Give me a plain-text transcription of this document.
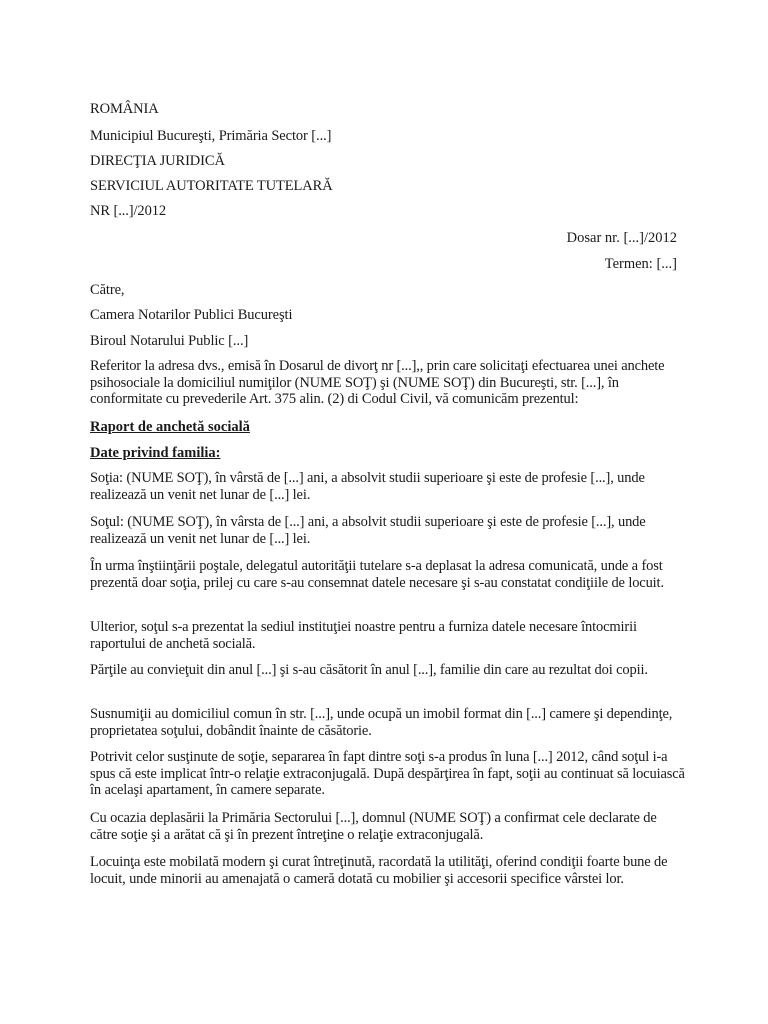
ROMÂNIA
Municipiul Bucureşti, Primăria Sector [...]
DIRECŢIA JURIDICĂ
SERVICIUL AUTORITATE TUTELARĂ
NR [...]/2012
Dosar nr. [...]/2012
Termen: [...]
Către,
Camera Notarilor Publici Bucureşti
Biroul Notarului Public [...]
Referitor la adresa dvs., emisă în Dosarul de divorţ nr [...],, prin care solicitaţi efectuarea unei anchete psihosociale la domiciliul numiţilor (NUME SOŢ) şi (NUME SOŢ) din Bucureşti, str. [...], în conformitate cu prevederile Art. 375 alin. (2) di Codul Civil, vă comunicăm prezentul:
Raport de anchetă socială
Date privind familia:
Soţia: (NUME SOŢ), în vârstă de [...] ani, a absolvit studii superioare şi este de profesie [...], unde realizează un venit net lunar de [...] lei.
Soţul: (NUME SOŢ), în vârsta de [...] ani, a absolvit studii superioare şi este de profesie [...], unde realizează un venit net lunar de [...] lei.
În urma înştiinţării poştale, delegatul autorităţii tutelare s-a deplasat la adresa comunicată, unde a fost prezentă doar soţia, prilej cu care s-au consemnat datele necesare şi s-au constatat condiţiile de locuit.
Ulterior, soţul s-a prezentat la sediul instituţiei noastre pentru a furniza datele necesare întocmirii raportului de anchetă socială.
Părţile au convieţuit din anul [...] şi s-au căsătorit în anul [...], familie din care au rezultat doi copii.
Susnumiţii au domiciliul comun în str. [...], unde ocupă un imobil format din [...] camere şi dependinţe, proprietatea soţului, dobândit înainte de căsătorie.
Potrivit celor susţinute de soţie, separarea în fapt dintre soţi s-a produs în luna [...] 2012, când soţul i-a spus că este implicat într-o relaţie extraconjugală. După despărţirea în fapt, soţii au continuat să locuiască în acelaşi apartament, în camere separate.
Cu ocazia deplasării la Primăria Sectorului [...], domnul (NUME SOŢ) a confirmat cele declarate de către soţie şi a arătat că şi în prezent întreţine o relaţie extraconjugală.
Locuinţa este mobilată modern şi curat întreţinută, racordată la utilităţi, oferind condiţii foarte bune de locuit, unde minorii au amenajată o cameră dotată cu mobilier şi accesorii specifice vârstei lor.
